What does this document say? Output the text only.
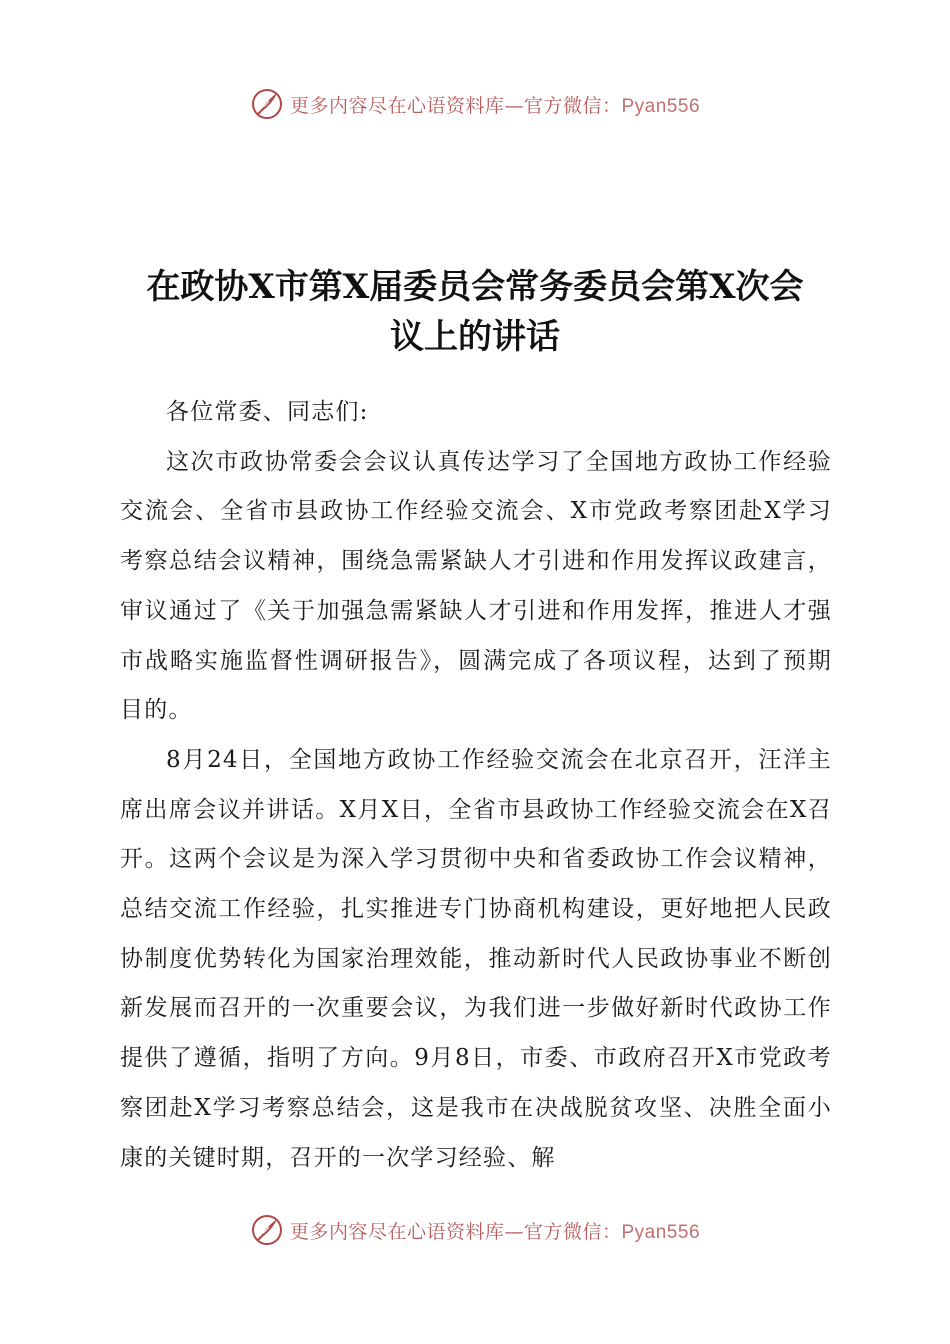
更多内容尽在心语资料库—官方微信：Pyan556
在政协X市第X届委员会常务委员会第X次会
议上的讲话

各位常委、同志们:

这次市政协常委会会议认真传达学习了全国地方政协工作经验交流会、全省市县政协工作经验交流会、X市党政考察团赴X学习考察总结会议精神，围绕急需紧缺人才引进和作用发挥议政建言，审议通过了《关于加强急需紧缺人才引进和作用发挥，推进人才强市战略实施监督性调研报告》，圆满完成了各项议程，达到了预期目的。

8月24日，全国地方政协工作经验交流会在北京召开，汪洋主席出席会议并讲话。X月X日，全省市县政协工作经验交流会在X召开。这两个会议是为深入学习贯彻中央和省委政协工作会议精神，总结交流工作经验，扎实推进专门协商机构建设，更好地把人民政协制度优势转化为国家治理效能，推动新时代人民政协事业不断创新发展而召开的一次重要会议，为我们进一步做好新时代政协工作提供了遵循，指明了方向。9月8日，市委、市政府召开X市党政考察团赴X学习考察总结会，这是我市在决战脱贫攻坚、决胜全面小康的关键时期，召开的一次学习经验、解

更多内容尽在心语资料库—官方微信：Pyan556
